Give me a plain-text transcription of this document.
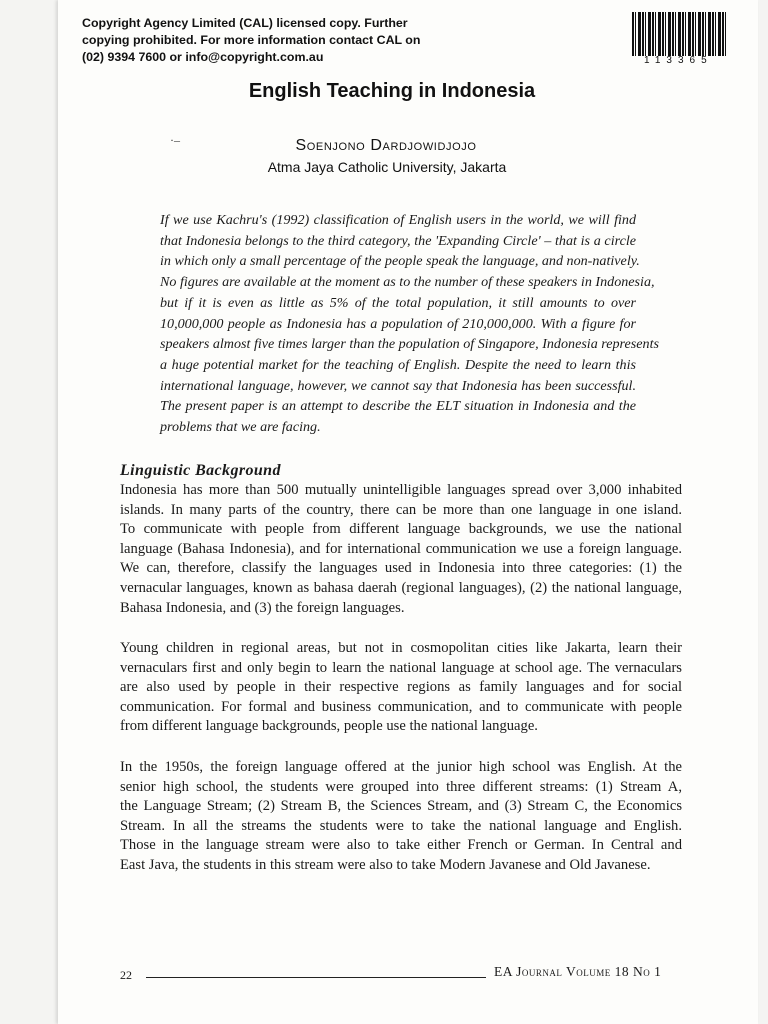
Copyright Agency Limited (CAL) licensed copy. Further
copying prohibited. For more information contact CAL on
(02) 9394 7600 or info@copyright.com.au	113365
English Teaching in Indonesia
·–	Soenjono Dardjowidjojo
Atma Jaya Catholic University, Jakarta
If we use Kachru's (1992) classification of English users in the world, we will find
that Indonesia belongs to the third category, the 'Expanding Circle' – that is a circle
in which only a small percentage of the people speak the language, and non-natively.
No figures are available at the moment as to the number of these speakers in Indonesia,
but if it is even as little as 5% of the total population, it still amounts to over
10,000,000 people as Indonesia has a population of 210,000,000. With a figure for
speakers almost five times larger than the population of Singapore, Indonesia represents
a huge potential market for the teaching of English. Despite the need to learn this
international language, however, we cannot say that Indonesia has been successful.
The present paper is an attempt to describe the ELT situation in Indonesia and the
problems that we are facing.
Linguistic Background
Indonesia has more than 500 mutually unintelligible languages spread over 3,000 inhabited
islands. In many parts of the country, there can be more than one language in one island.
To communicate with people from different language backgrounds, we use the national
language (Bahasa Indonesia), and for international communication we use a foreign language.
We can, therefore, classify the languages used in Indonesia into three categories: (1) the
vernacular languages, known as bahasa daerah (regional languages), (2) the national language,
Bahasa Indonesia, and (3) the foreign languages.
Young children in regional areas, but not in cosmopolitan cities like Jakarta, learn their
vernaculars first and only begin to learn the national language at school age. The vernaculars
are also used by people in their respective regions as family languages and for social
communication. For formal and business communication, and to communicate with people
from different language backgrounds, people use the national language.
In the 1950s, the foreign language offered at the junior high school was English. At the
senior high school, the students were grouped into three different streams: (1) Stream A,
the Language Stream; (2) Stream B, the Sciences Stream, and (3) Stream C, the Economics
Stream. In all the streams the students were to take the national language and English.
Those in the language stream were also to take either French or German. In Central and
East Java, the students in this stream were also to take Modern Javanese and Old Javanese.
22	EA Journal Volume 18 No 1
